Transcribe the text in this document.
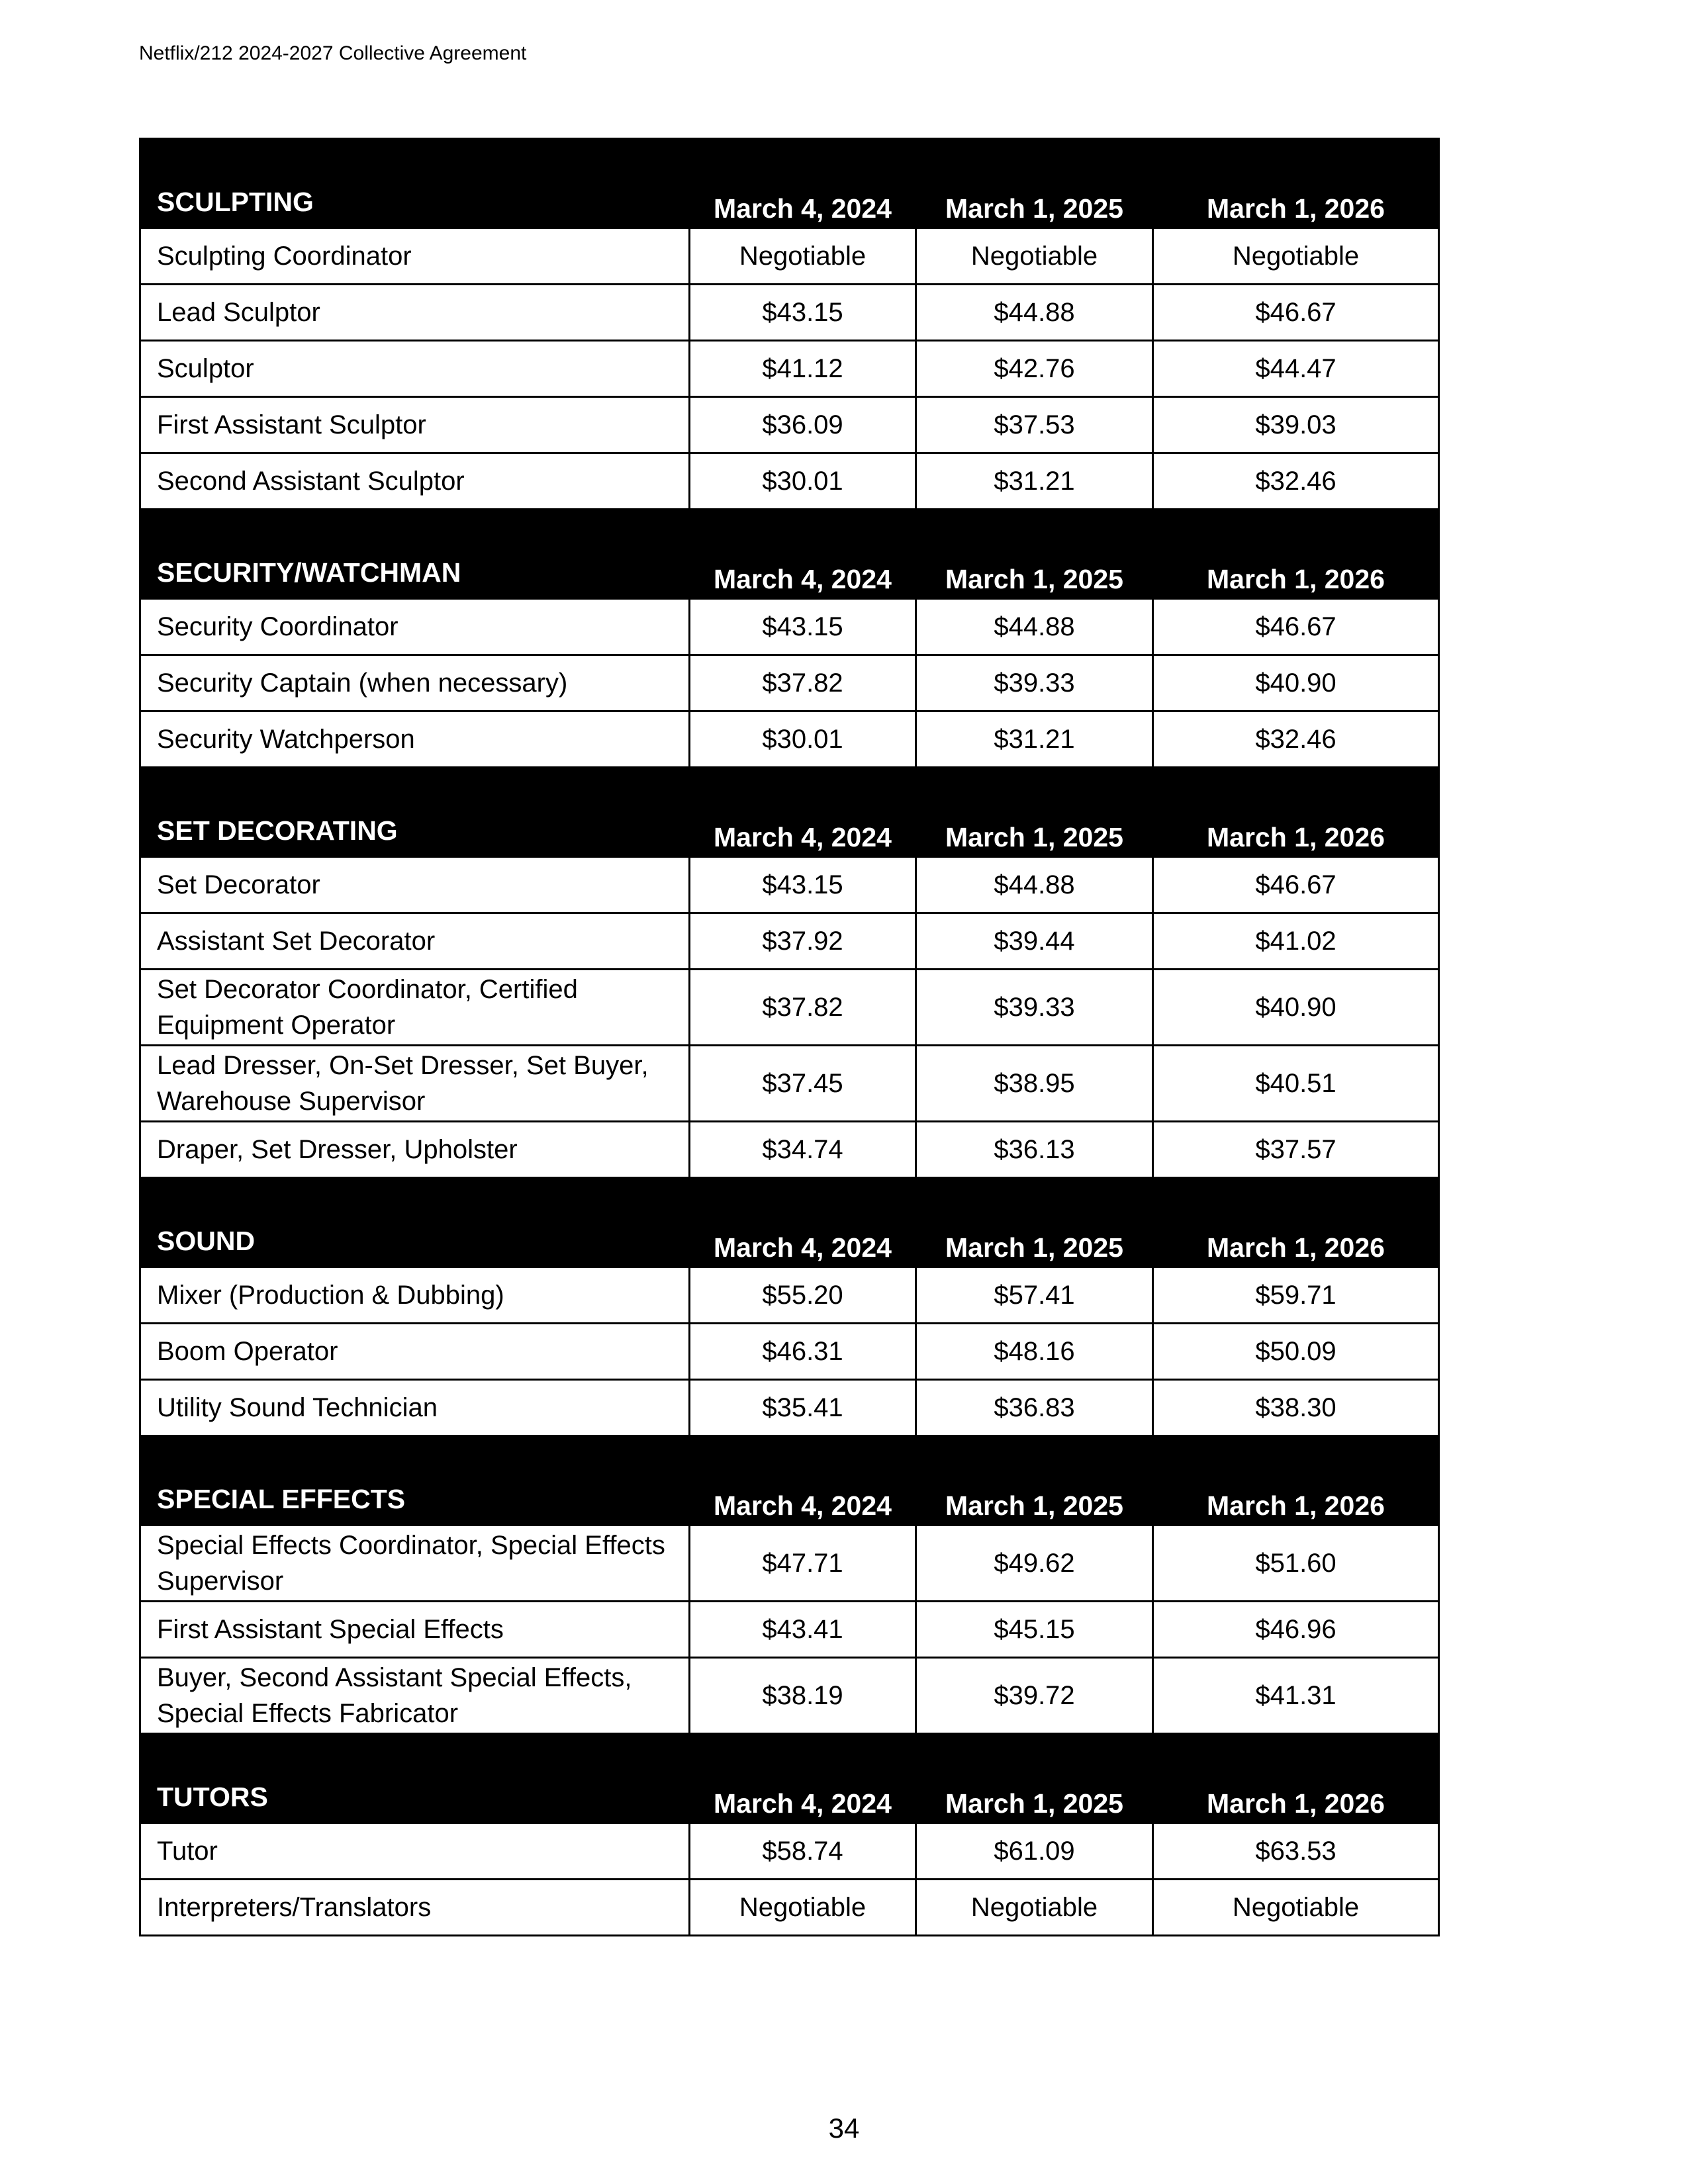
Netflix/212 2024-2027 Collective Agreement
SCULPTING	March 4, 2024	March 1, 2025	March 1, 2026
Sculpting Coordinator	Negotiable	Negotiable	Negotiable
Lead Sculptor	$43.15	$44.88	$46.67
Sculptor	$41.12	$42.76	$44.47
First Assistant Sculptor	$36.09	$37.53	$39.03
Second Assistant Sculptor	$30.01	$31.21	$32.46
SECURITY/WATCHMAN	March 4, 2024	March 1, 2025	March 1, 2026
Security Coordinator	$43.15	$44.88	$46.67
Security Captain (when necessary)	$37.82	$39.33	$40.90
Security Watchperson	$30.01	$31.21	$32.46
SET DECORATING	March 4, 2024	March 1, 2025	March 1, 2026
Set Decorator	$43.15	$44.88	$46.67
Assistant Set Decorator	$37.92	$39.44	$41.02
Set Decorator Coordinator, Certified Equipment Operator	$37.82	$39.33	$40.90
Lead Dresser, On-Set Dresser, Set Buyer, Warehouse Supervisor	$37.45	$38.95	$40.51
Draper, Set Dresser, Upholster	$34.74	$36.13	$37.57
SOUND	March 4, 2024	March 1, 2025	March 1, 2026
Mixer (Production & Dubbing)	$55.20	$57.41	$59.71
Boom Operator	$46.31	$48.16	$50.09
Utility Sound Technician	$35.41	$36.83	$38.30
SPECIAL EFFECTS	March 4, 2024	March 1, 2025	March 1, 2026
Special Effects Coordinator, Special Effects Supervisor	$47.71	$49.62	$51.60
First Assistant Special Effects	$43.41	$45.15	$46.96
Buyer, Second Assistant Special Effects, Special Effects Fabricator	$38.19	$39.72	$41.31
TUTORS	March 4, 2024	March 1, 2025	March 1, 2026
Tutor	$58.74	$61.09	$63.53
Interpreters/Translators	Negotiable	Negotiable	Negotiable
34
